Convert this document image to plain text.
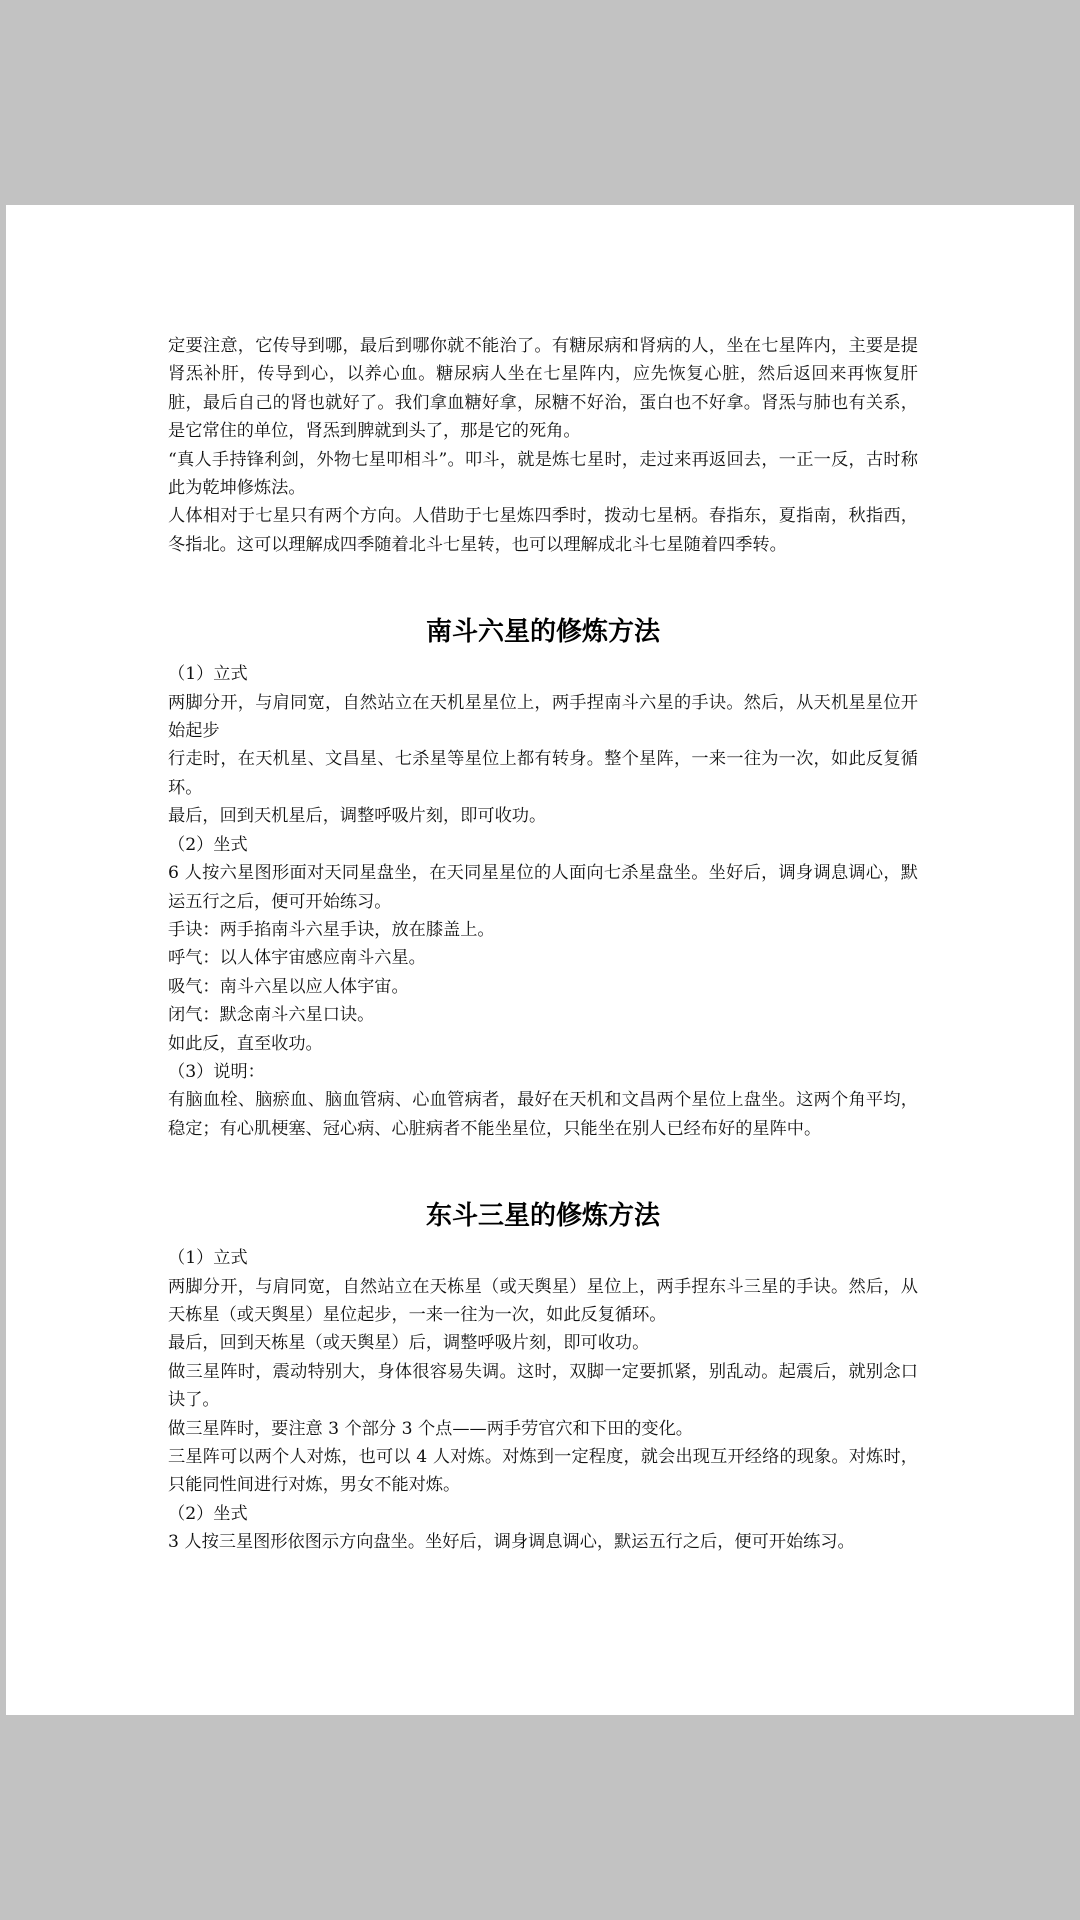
定要注意，它传导到哪，最后到哪你就不能治了。有糖尿病和肾病的人，坐在七星阵内，主要是提肾炁补肝，传导到心，以养心血。糖尿病人坐在七星阵内，应先恢复心脏，然后返回来再恢复肝脏，最后自己的肾也就好了。我们拿血糖好拿，尿糖不好治，蛋白也不好拿。肾炁与肺也有关系，是它常住的单位，肾炁到脾就到头了，那是它的死角。

“真人手持锋利剑，外物七星叩相斗”。叩斗，就是炼七星时，走过来再返回去，一正一反，古时称此为乾坤修炼法。

人体相对于七星只有两个方向。人借助于七星炼四季时，拨动七星柄。春指东，夏指南，秋指西，冬指北。这可以理解成四季随着北斗七星转，也可以理解成北斗七星随着四季转。

南斗六星的修炼方法

（1）立式

两脚分开，与肩同宽，自然站立在天机星星位上，两手捏南斗六星的手诀。然后，从天机星星位开始起步

行走时，在天机星、文昌星、七杀星等星位上都有转身。整个星阵，一来一往为一次，如此反复循环。

最后，回到天机星后，调整呼吸片刻，即可收功。

（2）坐式

6 人按六星图形面对天同星盘坐，在天同星星位的人面向七杀星盘坐。坐好后，调身调息调心，默运五行之后，便可开始练习。

手诀：两手掐南斗六星手诀，放在膝盖上。

呼气：以人体宇宙感应南斗六星。

吸气：南斗六星以应人体宇宙。

闭气：默念南斗六星口诀。

如此反，直至收功。

（3）说明：

有脑血栓、脑瘀血、脑血管病、心血管病者，最好在天机和文昌两个星位上盘坐。这两个角平均，稳定；有心肌梗塞、冠心病、心脏病者不能坐星位，只能坐在别人已经布好的星阵中。

东斗三星的修炼方法

（1）立式

两脚分开，与肩同宽，自然站立在天栋星（或天舆星）星位上，两手捏东斗三星的手诀。然后，从天栋星（或天舆星）星位起步，一来一往为一次，如此反复循环。

最后，回到天栋星（或天舆星）后，调整呼吸片刻，即可收功。

做三星阵时，震动特别大，身体很容易失调。这时，双脚一定要抓紧，别乱动。起震后，就别念口诀了。

做三星阵时，要注意 3 个部分 3 个点——两手劳官穴和下田的变化。

三星阵可以两个人对炼，也可以 4 人对炼。对炼到一定程度，就会出现互开经络的现象。对炼时，只能同性间进行对炼，男女不能对炼。

（2）坐式

3 人按三星图形依图示方向盘坐。坐好后，调身调息调心，默运五行之后，便可开始练习。
